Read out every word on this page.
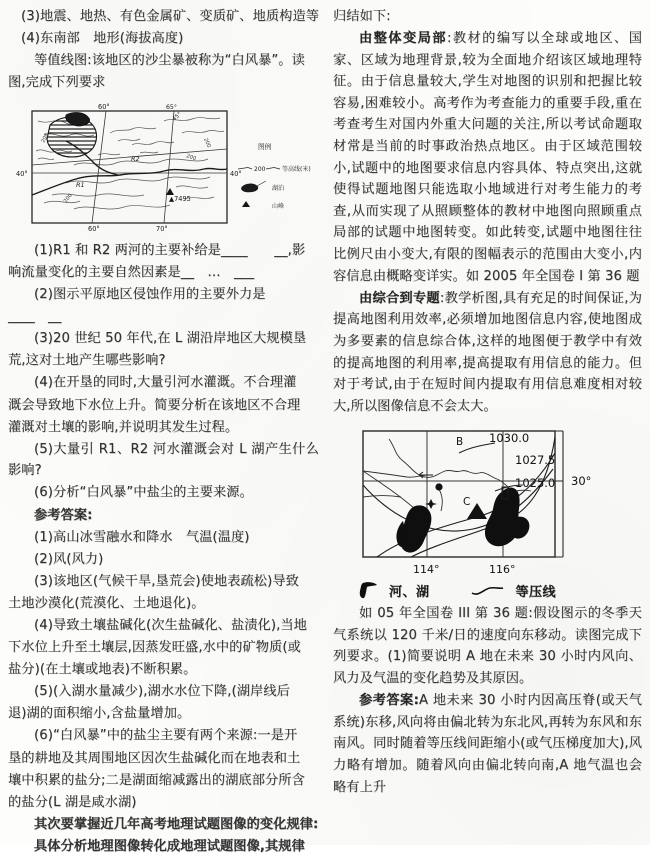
(3)地震、地热、有色金属矿、变质矿、地质构造等

(4)东南部　地形(海拔高度)

等值线图:该地区的沙尘暴被称为“白风暴”。读

图,完成下列要求

60°	65°
60°	70°
40°	40°
45°
R2
R1
▲7495
200	200
200
200
图例
200	等高线(米)
湖泊
山峰

(1)R1 和 R2 两河的主要补给是____　　__,影

响流量变化的主要自然因素是__　…　___

(2)图示平原地区侵蚀作用的主要外力是

____　__

(3)20 世纪 50 年代,在 L 湖沿岸地区大规模垦

荒,这对土地产生哪些影响?

(4)在开垦的同时,大量引河水灌溉。不合理灌

溉会导致地下水位上升。简要分析在该地区不合理

灌溉对土壤的影响,并说明其发生过程。

(5)大量引 R1、R2 河水灌溉会对 L 湖产生什么影响?

(6)分析“白风暴”中盐尘的主要来源。

参考答案:

(1)高山冰雪融水和降水　气温(温度)

(2)风(风力)

(3)该地区(气候干旱,垦荒会)使地表疏松)导致

土地沙漠化(荒漠化、土地退化)。

(4)导致土壤盐碱化(次生盐碱化、盐渍化),当地

下水位上升至土壤层,因蒸发旺盛,水中的矿物质(或

盐分)(在土壤或地表)不断积累。

(5)(入湖水量减少),湖水水位下降,(湖岸线后

退)湖的面积缩小,含盐量增加。

(6)“白风暴”中的盐尘主要有两个来源:一是开

垦的耕地及其周围地区因次生盐碱化而在地表和土

壤中积累的盐分;二是湖面缩减露出的湖底部分所含

的盐分(L 湖是咸水湖)

其次要掌握近几年高考地理试题图像的变化规律:

具体分析地理图像转化成地理试题图像,其规律

归结如下:

由整体变局部:教材的编写以全球或地区、国家、区域为地理背景,较为全面地介绍该区域地理特征。由于信息量较大,学生对地图的识别和把握比较容易,困难较小。高考作为考查能力的重要手段,重在考查考生对国内外重大问题的关注,所以考试命题取材常是当前的时事政治热点地区。由于区域范围较小,试题中的地图要求信息内容具体、特点突出,这就使得试题地图只能选取小地域进行对考生能力的考查,从而实现了从照顾整体的教材中地图向照顾重点局部的试题中地图转变。如此转变,试题中地图往往比例尺由小变大,有限的图幅表示的范围由大变小,内容信息由概略变详实。如 2005 年全国卷 I 第 36 题

由综合到专题:教学析图,具有充足的时间保证,为提高地图利用效率,必须增加地图信息内容,使地图成为多要素的信息综合体,这样的地图便于教学中有效的提高地图的利用率,提高提取有用信息的能力。但对于考试,由于在短时间内提取有用信息难度相对较大,所以图像信息不会太大。

B
C
A
D
1030.0
1027.5
1025.0 30°
114°	116°
河、湖	等压线

如 05 年全国卷 III 第 36 题:假设图示的冬季天气系统以 120 千米/日的速度向东移动。读图完成下列要求。(1)简要说明 A 地在未来 30 小时内风向、风力及气温的变化趋势及其原因。

参考答案:A 地未来 30 小时内因高压脊(或天气系统)东移,风向将由偏北转为东北风,再转为东风和东南风。同时随着等压线间距缩小(或气压梯度加大),风力略有增加。随着风向由偏北转向南,A 地气温也会略有上升
